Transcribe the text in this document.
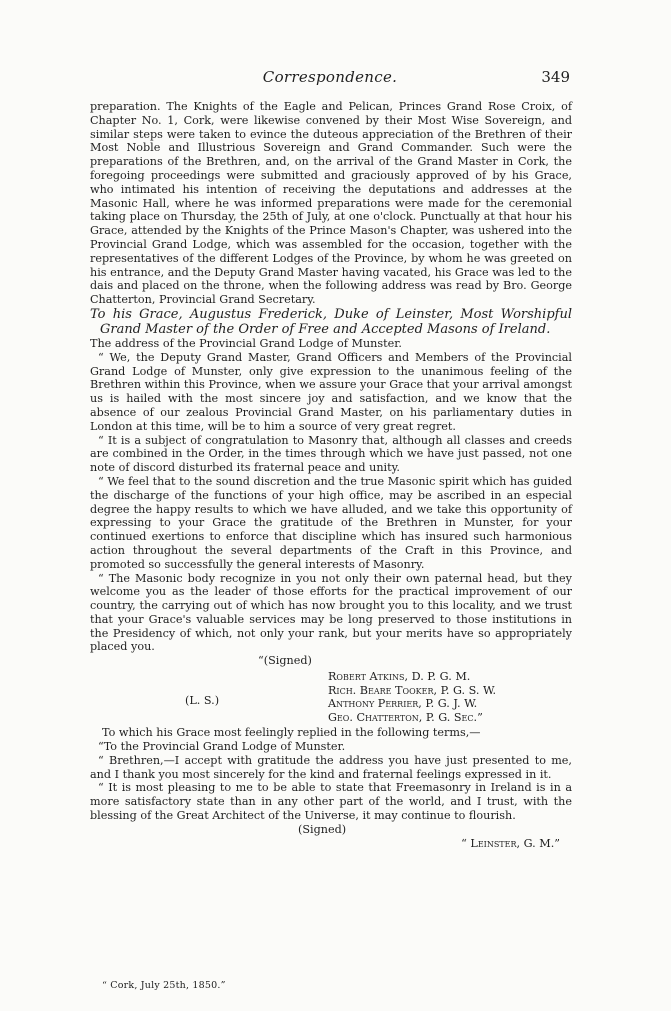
Correspondence.	349

preparation. The Knights of the Eagle and Pelican, Princes Grand Rose Croix, of Chapter No. 1, Cork, were likewise convened by their Most Wise Sovereign, and similar steps were taken to evince the duteous appreciation of the Brethren of their Most Noble and Illustrious Sovereign and Grand Commander. Such were the preparations of the Brethren, and, on the arrival of the Grand Master in Cork, the foregoing proceedings were submitted and graciously approved of by his Grace, who intimated his intention of receiving the deputations and addresses at the Masonic Hall, where he was informed preparations were made for the ceremonial taking place on Thursday, the 25th of July, at one o'clock. Punctually at that hour his Grace, attended by the Knights of the Prince Mason's Chapter, was ushered into the Provincial Grand Lodge, which was assembled for the occasion, together with the representatives of the different Lodges of the Province, by whom he was greeted on his entrance, and the Deputy Grand Master having vacated, his Grace was led to the dais and placed on the throne, when the following address was read by Bro. George Chatterton, Provincial Grand Secretary.

To his Grace, Augustus Frederick, Duke of Leinster, Most Worshipful Grand Master of the Order of Free and Accepted Masons of Ireland.

The address of the Provincial Grand Lodge of Munster.

“ We, the Deputy Grand Master, Grand Officers and Members of the Provincial Grand Lodge of Munster, only give expression to the unanimous feeling of the Brethren within this Province, when we assure your Grace that your arrival amongst us is hailed with the most sincere joy and satisfaction, and we know that the absence of our zealous Provincial Grand Master, on his parliamentary duties in London at this time, will be to him a source of very great regret.

“ It is a subject of congratulation to Masonry that, although all classes and creeds are combined in the Order, in the times through which we have just passed, not one note of discord disturbed its fraternal peace and unity.

“ We feel that to the sound discretion and the true Masonic spirit which has guided the discharge of the functions of your high office, may be ascribed in an especial degree the happy results to which we have alluded, and we take this opportunity of expressing to your Grace the gratitude of the Brethren in Munster, for your continued exertions to enforce that discipline which has insured such harmonious action throughout the several departments of the Craft in this Province, and promoted so successfully the general interests of Masonry.

“ The Masonic body recognize in you not only their own paternal head, but they welcome you as the leader of those efforts for the practical improvement of our country, the carrying out of which has now brought you to this locality, and we trust that your Grace's valuable services may be long preserved to those institutions in the Presidency of which, not only your rank, but your merits have so appropriately placed you.

“(Signed)
(L. S.)
Robert Atkins, D. P. G. M.
Rich. Beare Tooker, P. G. S. W.
Anthony Perrier, P. G. J. W.
Geo. Chatterton, P. G. Sec.”

To which his Grace most feelingly replied in the following terms,—

“To the Provincial Grand Lodge of Munster.

“ Brethren,—I accept with gratitude the address you have just presented to me, and I thank you most sincerely for the kind and fraternal feelings expressed in it.

“ It is most pleasing to me to be able to state that Freemasonry in Ireland is in a more satisfactory state than in any other part of the world, and I trust, with the blessing of the Great Architect of the Universe, it may continue to flourish.

(Signed)
“ Leinster, G. M.”
“ Cork, July 25th, 1850.”
